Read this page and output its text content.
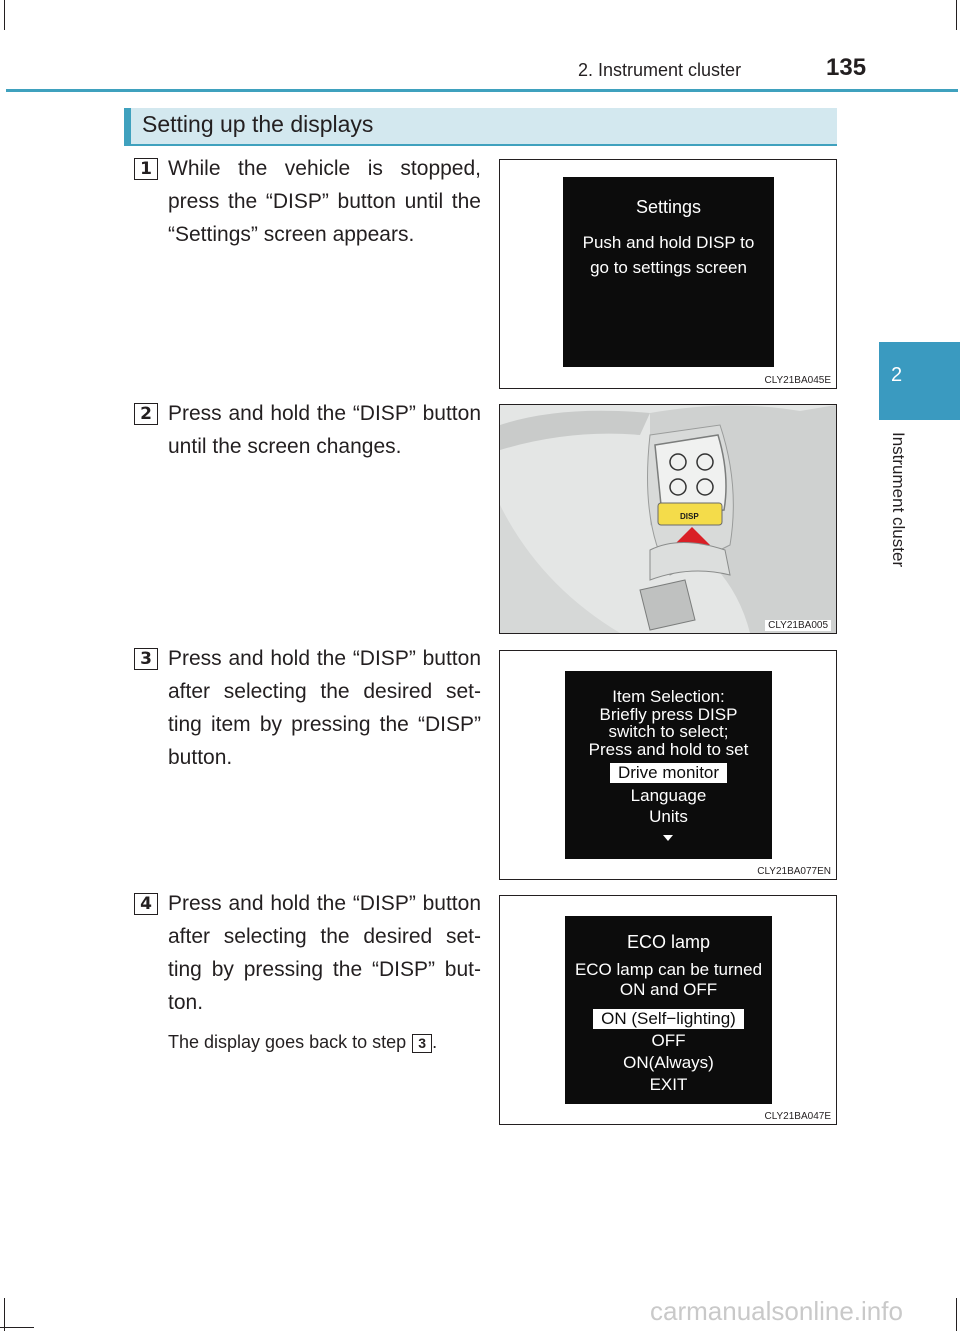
2. Instrument cluster	135
2
Instrument cluster
Setting up the displays
1 While the vehicle is stopped, press the “DISP” button until the “Settings” screen appears.
2 Press and hold the “DISP” button until the screen changes.
3 Press and hold the “DISP” button after selecting the desired set-ting item by pressing the “DISP” button.
4 Press and hold the “DISP” button after selecting the desired set-ting by pressing the “DISP” but-ton.
The display goes back to step 3 .
Settings
Push and hold DISP to
go to settings screen
CLY21BA045E
DISP
CLY21BA005
Item Selection:
Briefly press DISP
switch to select;
Press and hold to set
Drive monitor
Language
Units
CLY21BA077EN
ECO lamp
ECO lamp can be turned
ON and OFF
ON (Self−lighting)
OFF
ON(Always)
EXIT
CLY21BA047E
carmanualsonline.info
